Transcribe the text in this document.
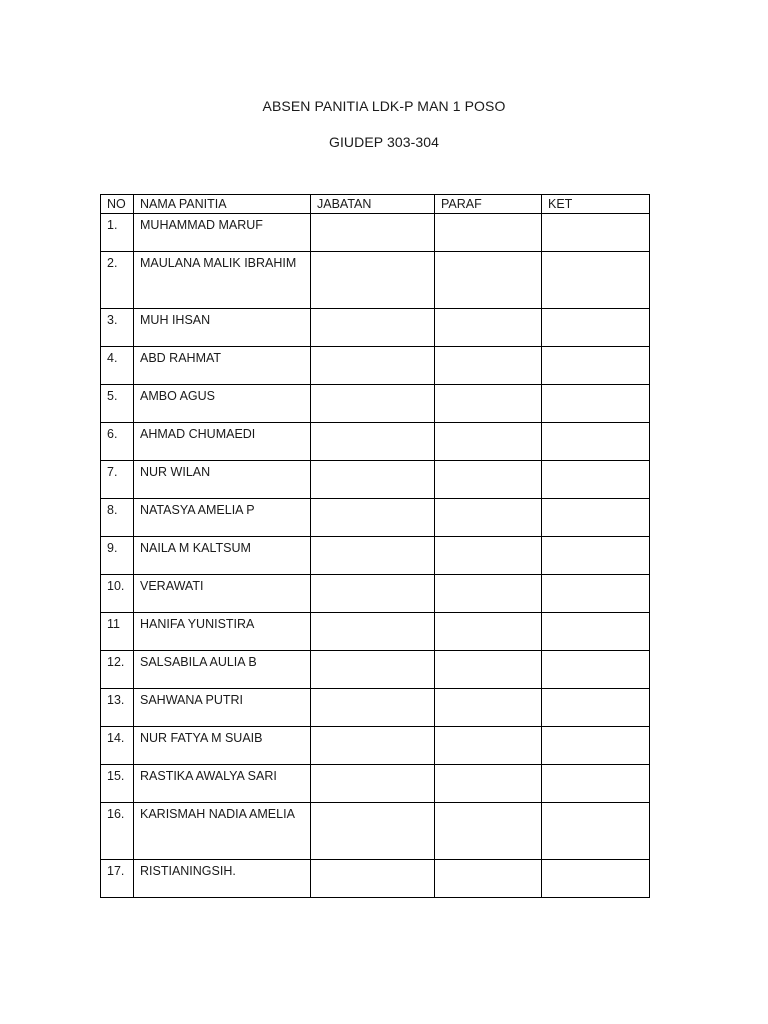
ABSEN PANITIA LDK-P MAN 1 POSO
GIUDEP 303-304
NO	NAMA PANITIA	JABATAN	PARAF	KET
1.	MUHAMMAD MARUF			
2.	MAULANA MALIK IBRAHIM			
3.	MUH IHSAN			
4.	ABD RAHMAT			
5.	AMBO AGUS			
6.	AHMAD CHUMAEDI			
7.	NUR WILAN			
8.	NATASYA AMELIA P			
9.	NAILA M KALTSUM			
10.	VERAWATI			
11	HANIFA YUNISTIRA			
12.	SALSABILA AULIA B			
13.	SAHWANA PUTRI			
14.	NUR FATYA M SUAIB			
15.	RASTIKA AWALYA SARI			
16.	KARISMAH NADIA AMELIA			
17.	RISTIANINGSIH.			
